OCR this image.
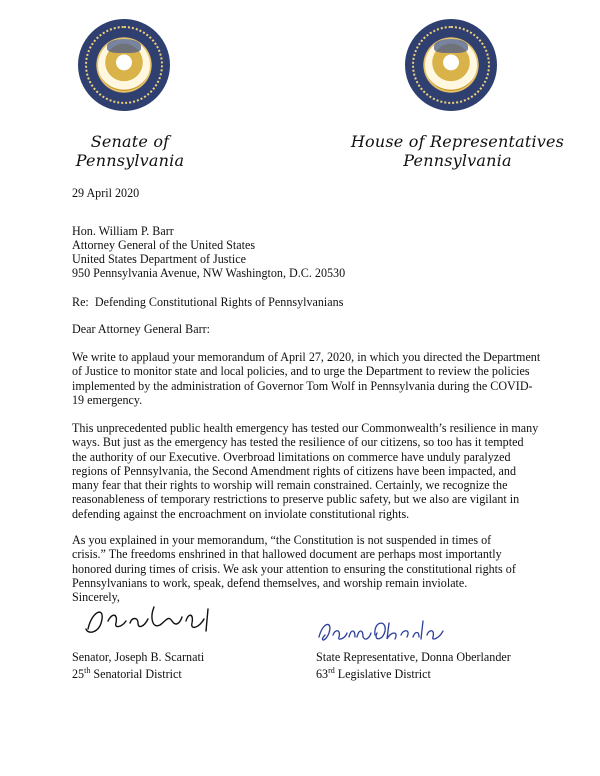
Senate of
Pennsylvania
House of Representatives
Pennsylvania
29 April 2020
Hon. William P. Barr
Attorney General of the United States
United States Department of Justice
950 Pennsylvania Avenue, NW Washington, D.C. 20530
Re:  Defending Constitutional Rights of Pennsylvanians
Dear Attorney General Barr:
We write to applaud your memorandum of April 27, 2020, in which you directed the Department
of Justice to monitor state and local policies, and to urge the Department to review the policies
implemented by the administration of Governor Tom Wolf in Pennsylvania during the COVID-
19 emergency.
This unprecedented public health emergency has tested our Commonwealth’s resilience in many
ways. But just as the emergency has tested the resilience of our citizens, so too has it tempted
the authority of our Executive. Overbroad limitations on commerce have unduly paralyzed
regions of Pennsylvania, the Second Amendment rights of citizens have been impacted, and
many fear that their rights to worship will remain constrained. Certainly, we recognize the
reasonableness of temporary restrictions to preserve public safety, but we also are vigilant in
defending against the encroachment on inviolate constitutional rights.
As you explained in your memorandum, “the Constitution is not suspended in times of
crisis.” The freedoms enshrined in that hallowed document are perhaps most importantly
honored during times of crisis. We ask your attention to ensuring the constitutional rights of
Pennsylvanians to work, speak, defend themselves, and worship remain inviolate.
Sincerely,
Senator, Joseph B. Scarnati
25th Senatorial District
State Representative, Donna Oberlander
63rd Legislative District
